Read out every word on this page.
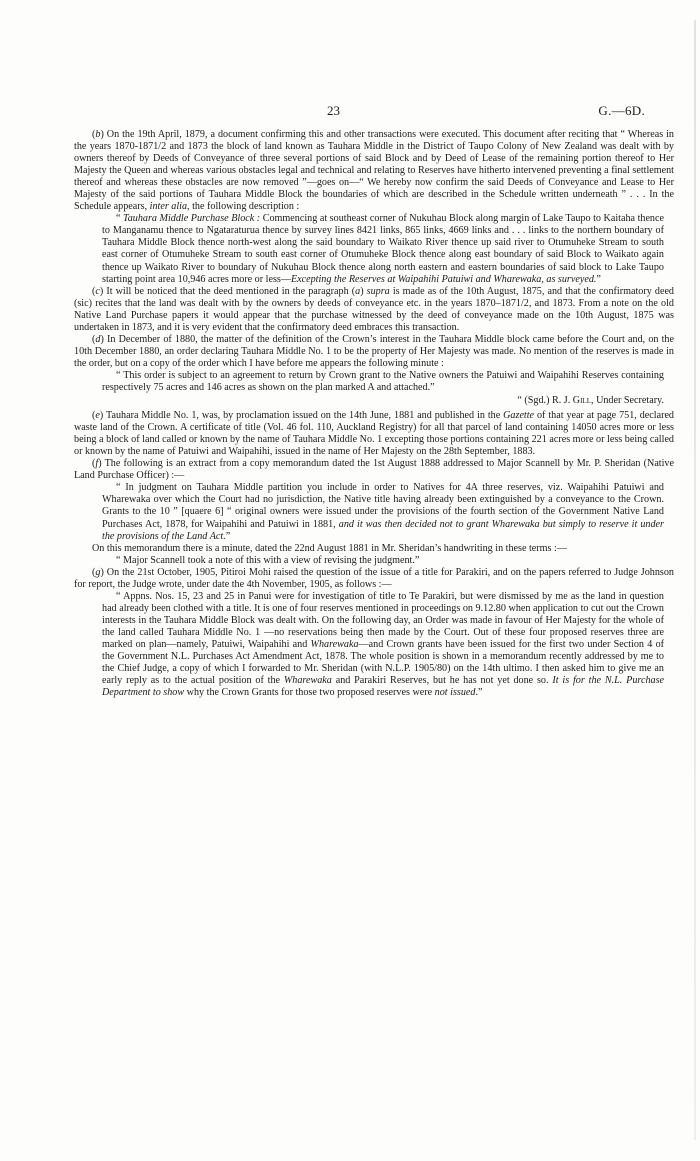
23	G.—6D.

(b) On the 19th April, 1879, a document confirming this and other transactions were executed. This document after reciting that “ Whereas in the years 1870-1871/2 and 1873 the block of land known as Tauhara Middle in the District of Taupo Colony of New Zealand was dealt with by owners thereof by Deeds of Conveyance of three several portions of said Block and by Deed of Lease of the remaining portion thereof to Her Majesty the Queen and whereas various obstacles legal and technical and relating to Reserves have hitherto intervened preventing a final settlement thereof and whereas these obstacles are now removed ”—goes on—“ We hereby now confirm the said Deeds of Conveyance and Lease to Her Majesty of the said portions of Tauhara Middle Block the boundaries of which are described in the Schedule written underneath ” . . . In the Schedule appears, inter alia, the following description :

“ Tauhara Middle Purchase Block : Commencing at southeast corner of Nukuhau Block along margin of Lake Taupo to Kaitaha thence to Manganamu thence to Ngataraturua thence by survey lines 8421 links, 865 links, 4669 links and . . . links to the northern boundary of Tauhara Middle Block thence north-west along the said boundary to Waikato River thence up said river to Otumuheke Stream to south east corner of Otumuheke Stream to south east corner of Otumuheke Block thence along east boundary of said Block to Waikato again thence up Waikato River to boundary of Nukuhau Block thence along north eastern and eastern boundaries of said block to Lake Taupo starting point area 10,946 acres more or less—Excepting the Reserves at Waipahihi Patuiwi and Wharewaka, as surveyed.”

(c) It will be noticed that the deed mentioned in the paragraph (a) supra is made as of the 10th August, 1875, and that the confirmatory deed (sic) recites that the land was dealt with by the owners by deeds of conveyance etc. in the years 1870–1871/2, and 1873. From a note on the old Native Land Purchase papers it would appear that the purchase witnessed by the deed of conveyance made on the 10th August, 1875 was undertaken in 1873, and it is very evident that the confirmatory deed embraces this transaction.

(d) In December of 1880, the matter of the definition of the Crown’s interest in the Tauhara Middle block came before the Court and, on the 10th December 1880, an order declaring Tauhara Middle No. 1 to be the property of Her Majesty was made. No mention of the reserves is made in the order, but on a copy of the order which I have before me appears the following minute :

“ This order is subject to an agreement to return by Crown grant to the Native owners the Patuiwi and Waipahihi Reserves containing respectively 75 acres and 146 acres as shown on the plan marked A and attached.”

“ (Sgd.) R. J. Gill, Under Secretary.

(e) Tauhara Middle No. 1, was, by proclamation issued on the 14th June, 1881 and published in the Gazette of that year at page 751, declared waste land of the Crown. A certificate of title (Vol. 46 fol. 110, Auckland Registry) for all that parcel of land containing 14050 acres more or less being a block of land called or known by the name of Tauhara Middle No. 1 excepting those portions containing 221 acres more or less being called or known by the name of Patuiwi and Waipahihi, issued in the name of Her Majesty on the 28th September, 1883.

(f) The following is an extract from a copy memorandum dated the 1st August 1888 addressed to Major Scannell by Mr. P. Sheridan (Native Land Purchase Officer) :—

“ In judgment on Tauhara Middle partition you include in order to Natives for 4A three reserves, viz. Waipahihi Patuiwi and Wharewaka over which the Court had no jurisdiction, the Native title having already been extinguished by a conveyance to the Crown. Grants to the 10 ” [quaere 6] “ original owners were issued under the provisions of the fourth section of the Government Native Land Purchases Act, 1878, for Waipahihi and Patuiwi in 1881, and it was then decided not to grant Wharewaka but simply to reserve it under the provisions of the Land Act.”

On this memorandum there is a minute, dated the 22nd August 1881 in Mr. Sheridan’s handwriting in these terms :—

“ Major Scannell took a note of this with a view of revising the judgment.”

(g) On the 21st October, 1905, Pitiroi Mohi raised the question of the issue of a title for Parakiri, and on the papers referred to Judge Johnson for report, the Judge wrote, under date the 4th November, 1905, as follows :—

“ Appns. Nos. 15, 23 and 25 in Panui were for investigation of title to Te Parakiri, but were dismissed by me as the land in question had already been clothed with a title. It is one of four reserves mentioned in proceedings on 9.12.80 when application to cut out the Crown interests in the Tauhara Middle Block was dealt with. On the following day, an Order was made in favour of Her Majesty for the whole of the land called Tauhara Middle No. 1 —no reservations being then made by the Court. Out of these four proposed reserves three are marked on plan—namely, Patuiwi, Waipahihi and Wharewaka—and Crown grants have been issued for the first two under Section 4 of the Government N.L. Purchases Act Amendment Act, 1878. The whole position is shown in a memorandum recently addressed by me to the Chief Judge, a copy of which I forwarded to Mr. Sheridan (with N.L.P. 1905/80) on the 14th ultimo. I then asked him to give me an early reply as to the actual position of the Wharewaka and Parakiri Reserves, but he has not yet done so. It is for the N.L. Purchase Department to show why the Crown Grants for those two proposed reserves were not issued.”
